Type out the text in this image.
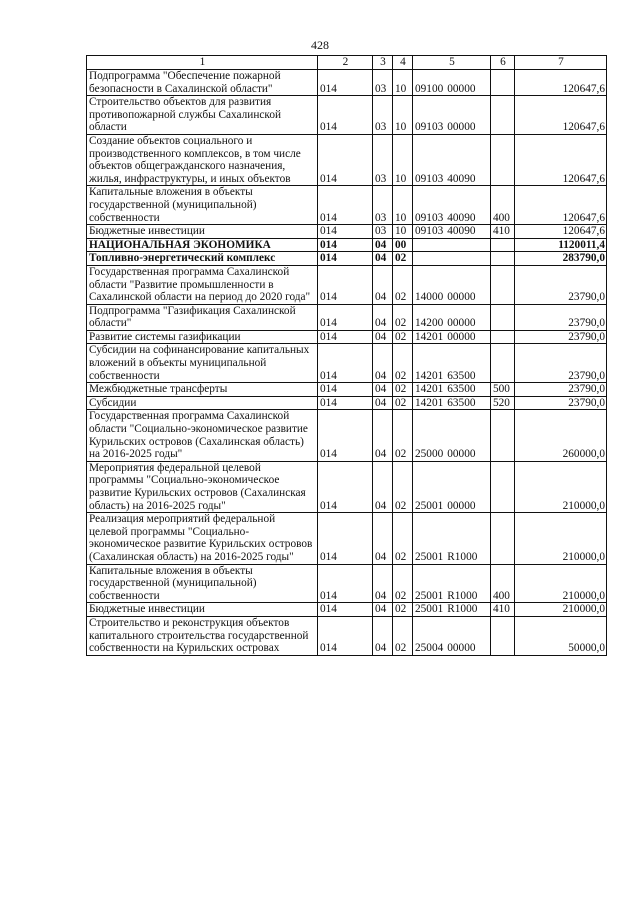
428
1	2	3	4	5	6	7
Подпрограмма "Обеспечение пожарной безопасности в Сахалинской области"	014	03	10	09100 00000		120647,6
Строительство объектов для развития противопожарной службы Сахалинской области	014	03	10	09103 00000		120647,6
Создание объектов социального и производственного комплексов, в том числе объектов общегражданского назначения, жилья, инфраструктуры, и иных объектов	014	03	10	09103 40090		120647,6
Капитальные вложения в объекты государственной (муниципальной) собственности	014	03	10	09103 40090	400	120647,6
Бюджетные инвестиции	014	03	10	09103 40090	410	120647,6
НАЦИОНАЛЬНАЯ ЭКОНОМИКА	014	04	00			1120011,4
Топливно-энергетический комплекс	014	04	02			283790,0
Государственная программа Сахалинской области "Развитие промышленности в Сахалинской области на период до 2020 года"	014	04	02	14000 00000		23790,0
Подпрограмма "Газификация Сахалинской области"	014	04	02	14200 00000		23790,0
Развитие системы газификации	014	04	02	14201 00000		23790,0
Субсидии на софинансирование капитальных вложений в объекты муниципальной собственности	014	04	02	14201 63500		23790,0
Межбюджетные трансферты	014	04	02	14201 63500	500	23790,0
Субсидии	014	04	02	14201 63500	520	23790,0
Государственная программа Сахалинской области "Социально-экономическое развитие Курильских островов (Сахалинская область) на 2016-2025 годы"	014	04	02	25000 00000		260000,0
Мероприятия федеральной целевой программы "Социально-экономическое развитие Курильских островов (Сахалинская область) на 2016-2025 годы"	014	04	02	25001 00000		210000,0
Реализация мероприятий федеральной целевой программы "Социально-экономическое развитие Курильских островов (Сахалинская область) на 2016-2025 годы"	014	04	02	25001 R1000		210000,0
Капитальные вложения в объекты государственной (муниципальной) собственности	014	04	02	25001 R1000	400	210000,0
Бюджетные инвестиции	014	04	02	25001 R1000	410	210000,0
Строительство и реконструкция объектов капитального строительства государственной собственности на Курильских островах	014	04	02	25004 00000		50000,0
